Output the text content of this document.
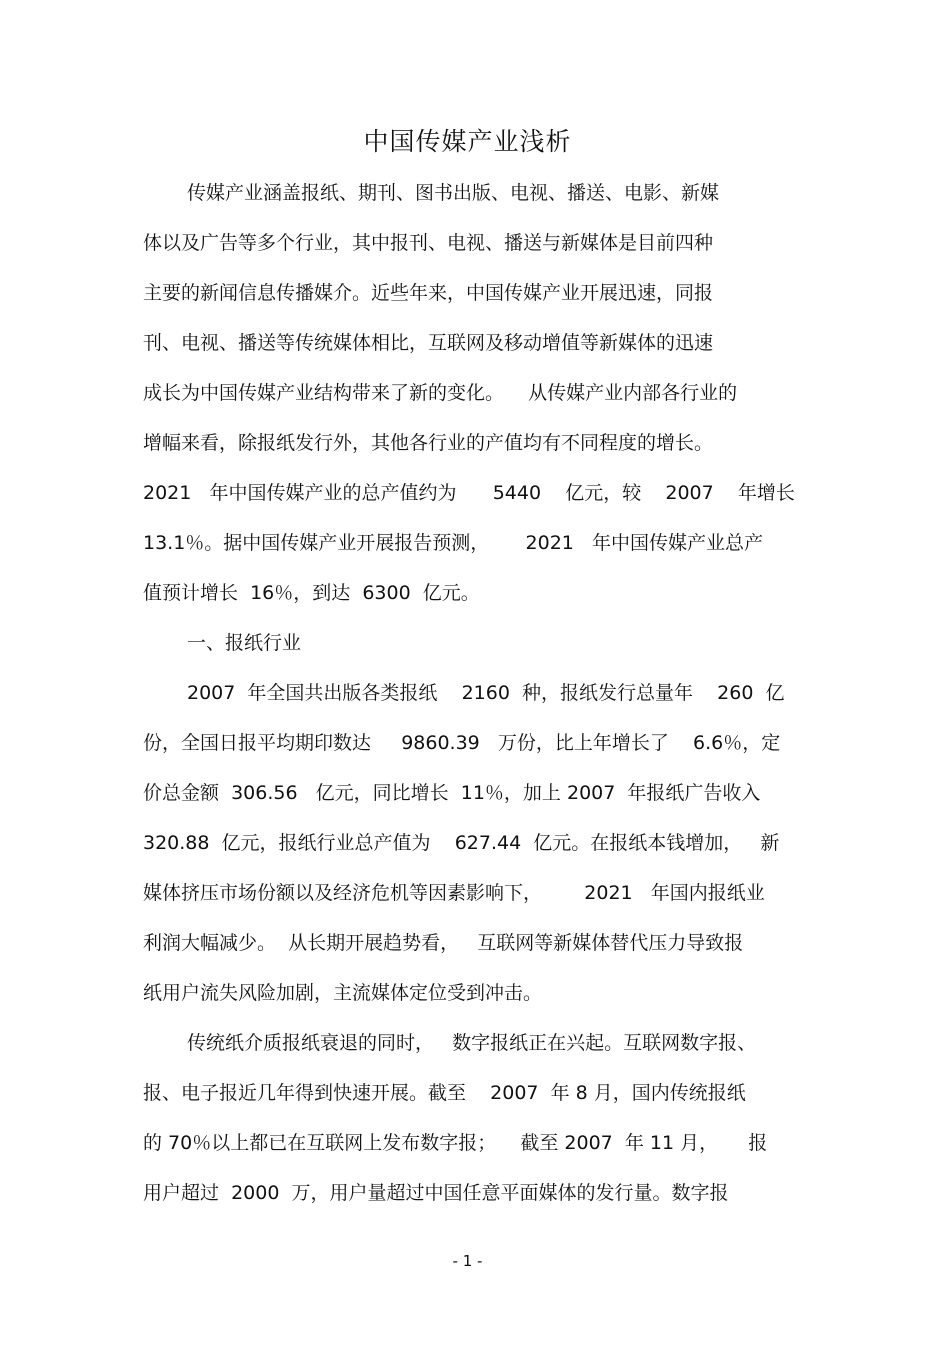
中国传媒产业浅析
传媒产业涵盖报纸、期刊、图书出版、电视、播送、电影、新媒
体以及广告等多个行业，其中报刊、电视、播送与新媒体是目前四种
主要的新闻信息传播媒介。近些年来，中国传媒产业开展迅速，同报
刊、电视、播送等传统媒体相比，互联网及移动增值等新媒体的迅速
成长为中国传媒产业结构带来了新的变化。    从传媒产业内部各行业的
增幅来看，除报纸发行外，其他各行业的产值均有不同程度的增长。
2021   年中国传媒产业的总产值约为      5440    亿元，较    2007    年增长
13.1％。据中国传媒产业开展报告预测，      2021   年中国传媒产业总产
值预计增长  16％，到达  6300  亿元。
一、报纸行业
2007  年全国共出版各类报纸    2160  种，报纸发行总量年    260  亿
份，全国日报平均期印数达     9860.39   万份，比上年增长了    6.6％，定
价总金额  306.56   亿元，同比增长  11％，加上 2007  年报纸广告收入
320.88  亿元，报纸行业总产值为    627.44  亿元。在报纸本钱增加，   新
媒体挤压市场份额以及经济危机等因素影响下，       2021   年国内报纸业
利润大幅减少。  从长期开展趋势看，   互联网等新媒体替代压力导致报
纸用户流失风险加剧，主流媒体定位受到冲击。
传统纸介质报纸衰退的同时，   数字报纸正在兴起。互联网数字报、
报、电子报近几年得到快速开展。截至    2007  年 8 月，国内传统报纸
的 70％以上都已在互联网上发布数字报；    截至 2007  年 11 月，     报
用户超过  2000  万，用户量超过中国任意平面媒体的发行量。数字报
- 1 -
